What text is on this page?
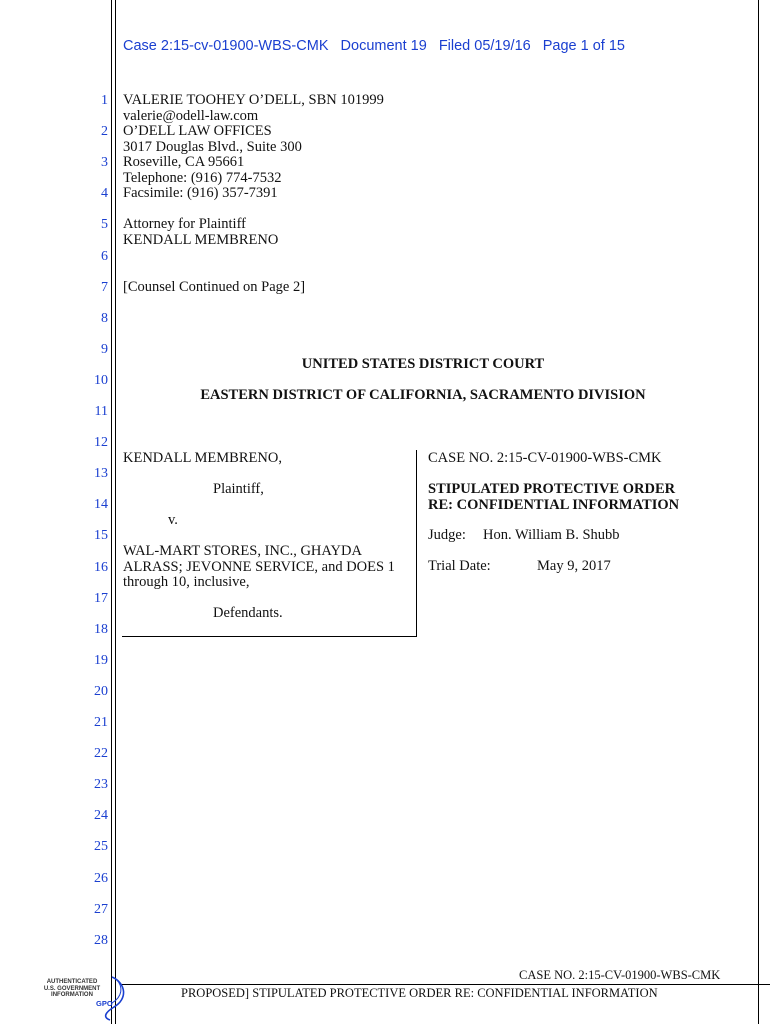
Case 2:15-cv-01900-WBS-CMK Document 19 Filed 05/19/16 Page 1 of 15
1
2
3
4
5
6
7
8
9
10
11
12
13
14
15
16
17
18
19
20
21
22
23
24
25
26
27
28
VALERIE TOOHEY O’DELL, SBN 101999
valerie@odell-law.com
O’DELL LAW OFFICES
3017 Douglas Blvd., Suite 300
Roseville, CA 95661
Telephone: (916) 774-7532
Facsimile: (916) 357-7391
Attorney for Plaintiff
KENDALL MEMBRENO
[Counsel Continued on Page 2]
UNITED STATES DISTRICT COURT
EASTERN DISTRICT OF CALIFORNIA, SACRAMENTO DIVISION
KENDALL MEMBRENO,
Plaintiff,
v.
WAL-MART STORES, INC., GHAYDA
ALRASS; JEVONNE SERVICE, and DOES 1
through 10, inclusive,
Defendants.
CASE NO. 2:15-CV-01900-WBS-CMK
STIPULATED PROTECTIVE ORDER
RE: CONFIDENTIAL INFORMATION
Judge: Hon. William B. Shubb
Trial Date:	May 9, 2017
CASE NO. 2:15-CV-01900-WBS-CMK
PROPOSED] STIPULATED PROTECTIVE ORDER RE: CONFIDENTIAL INFORMATION
AUTHENTICATED
U.S. GOVERNMENT
INFORMATION
GPO
